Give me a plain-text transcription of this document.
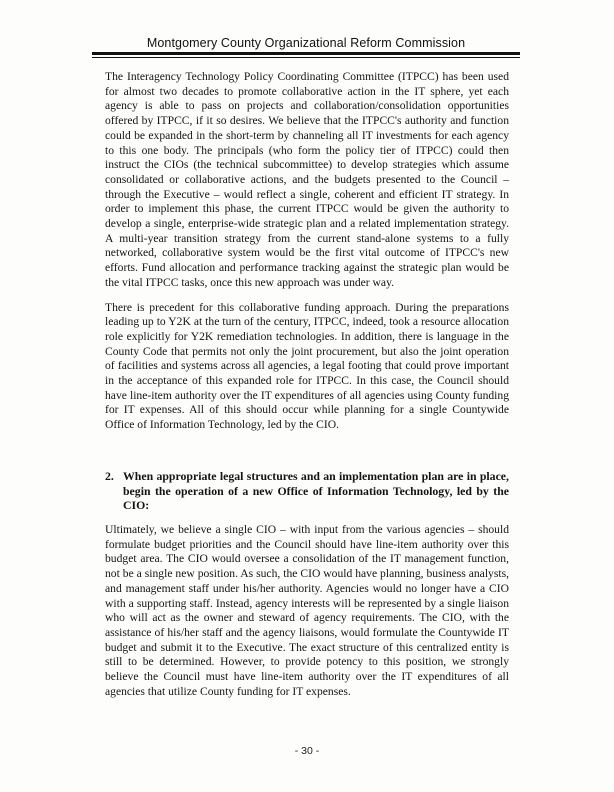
Montgomery County Organizational Reform Commission

The Interagency Technology Policy Coordinating Committee (ITPCC) has been used for almost two decades to promote collaborative action in the IT sphere, yet each agency is able to pass on projects and collaboration/consolidation opportunities offered by ITPCC, if it so desires. We believe that the ITPCC's authority and function could be expanded in the short-term by channeling all IT investments for each agency to this one body. The principals (who form the policy tier of ITPCC) could then instruct the CIOs (the technical subcommittee) to develop strategies which assume consolidated or collaborative actions, and the budgets presented to the Council – through the Executive – would reflect a single, coherent and efficient IT strategy. In order to implement this phase, the current ITPCC would be given the authority to develop a single, enterprise-wide strategic plan and a related implementation strategy. A multi-year transition strategy from the current stand-alone systems to a fully networked, collaborative system would be the first vital outcome of ITPCC's new efforts. Fund allocation and performance tracking against the strategic plan would be the vital ITPCC tasks, once this new approach was under way.

There is precedent for this collaborative funding approach. During the preparations leading up to Y2K at the turn of the century, ITPCC, indeed, took a resource allocation role explicitly for Y2K remediation technologies. In addition, there is language in the County Code that permits not only the joint procurement, but also the joint operation of facilities and systems across all agencies, a legal footing that could prove important in the acceptance of this expanded role for ITPCC. In this case, the Council should have line-item authority over the IT expenditures of all agencies using County funding for IT expenses. All of this should occur while planning for a single Countywide Office of Information Technology, led by the CIO.

2. When appropriate legal structures and an implementation plan are in place, begin the operation of a new Office of Information Technology, led by the CIO:

Ultimately, we believe a single CIO – with input from the various agencies – should formulate budget priorities and the Council should have line-item authority over this budget area. The CIO would oversee a consolidation of the IT management function, not be a single new position. As such, the CIO would have planning, business analysts, and management staff under his/her authority. Agencies would no longer have a CIO with a supporting staff. Instead, agency interests will be represented by a single liaison who will act as the owner and steward of agency requirements. The CIO, with the assistance of his/her staff and the agency liaisons, would formulate the Countywide IT budget and submit it to the Executive. The exact structure of this centralized entity is still to be determined. However, to provide potency to this position, we strongly believe the Council must have line-item authority over the IT expenditures of all agencies that utilize County funding for IT expenses.

- 30 -
